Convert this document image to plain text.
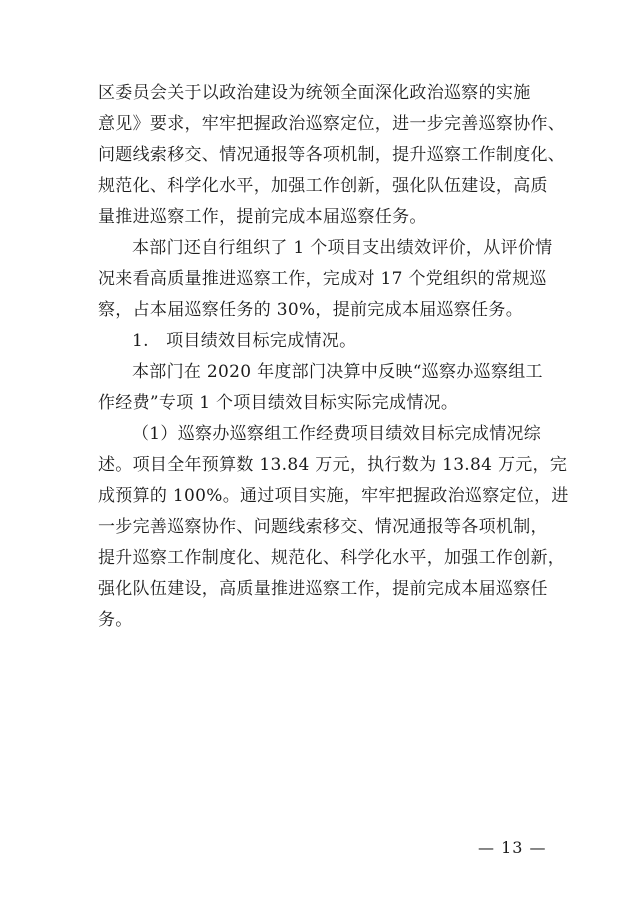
区委员会关于以政治建设为统领全面深化政治巡察的实施
意见》要求，牢牢把握政治巡察定位，进一步完善巡察协作、
问题线索移交、情况通报等各项机制，提升巡察工作制度化、
规范化、科学化水平，加强工作创新，强化队伍建设，高质
量推进巡察工作，提前完成本届巡察任务。
本部门还自行组织了 1 个项目支出绩效评价，从评价情
况来看高质量推进巡察工作，完成对 17 个党组织的常规巡
察，占本届巡察任务的 30%，提前完成本届巡察任务。
1.　项目绩效目标完成情况。
本部门在 2020 年度部门决算中反映“巡察办巡察组工
作经费”专项 1 个项目绩效目标实际完成情况。
（1）巡察办巡察组工作经费项目绩效目标完成情况综
述。项目全年预算数 13.84 万元，执行数为 13.84 万元，完
成预算的 100%。通过项目实施，牢牢把握政治巡察定位，进
一步完善巡察协作、问题线索移交、情况通报等各项机制，
提升巡察工作制度化、规范化、科学化水平，加强工作创新，
强化队伍建设，高质量推进巡察工作，提前完成本届巡察任
务。
— 13 —
